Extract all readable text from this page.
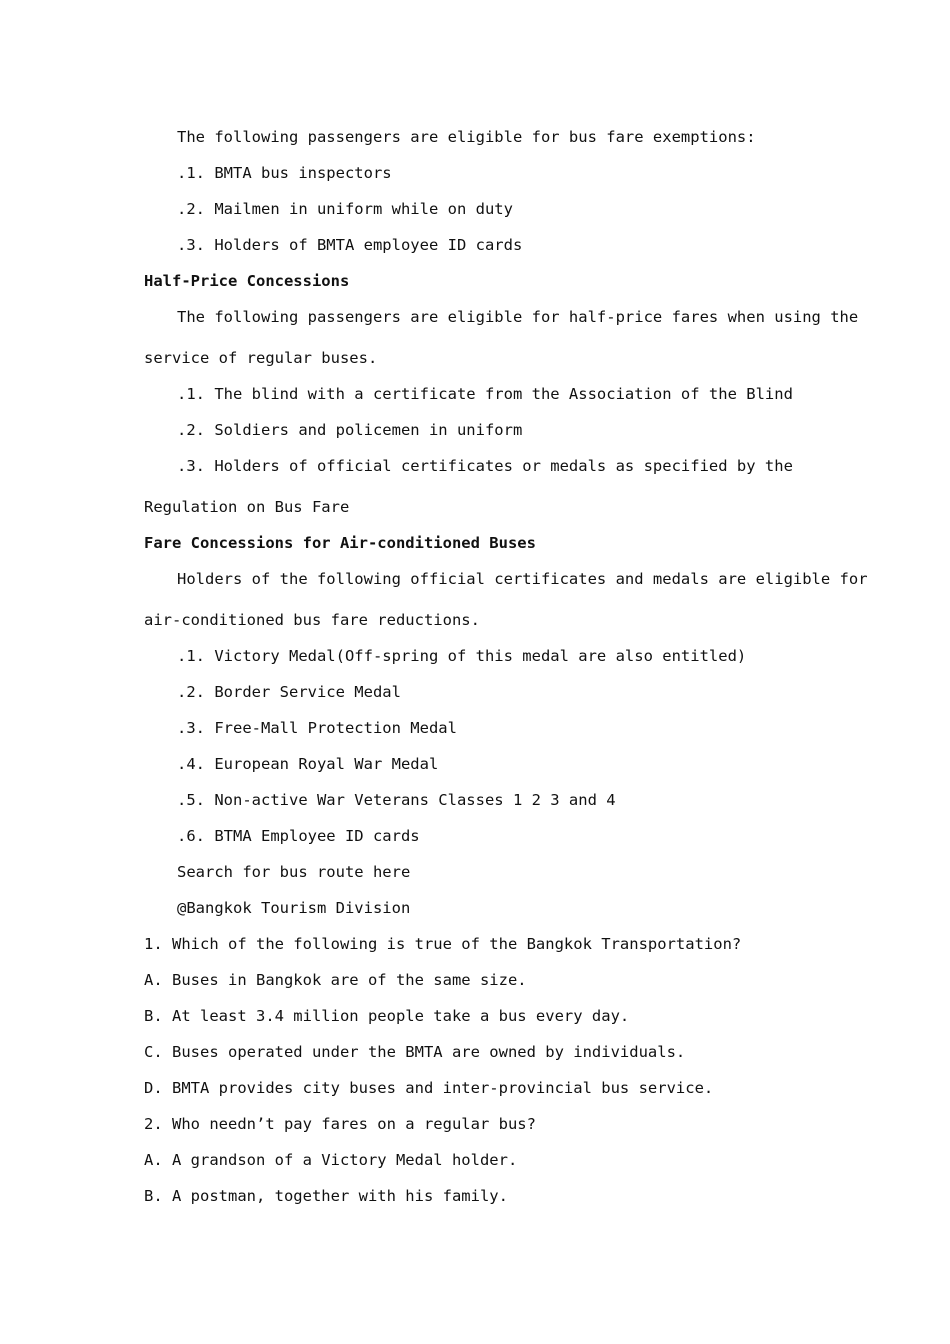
The following passengers are eligible for bus fare exemptions:
.1. BMTA bus inspectors
.2. Mailmen in uniform while on duty
.3. Holders of BMTA employee ID cards
Half-Price Concessions
The following passengers are eligible for half-price fares when using the
service of regular buses.
.1. The blind with a certificate from the Association of the Blind
.2. Soldiers and policemen in uniform
.3. Holders of official certificates or medals as specified by the
Regulation on Bus Fare
Fare Concessions for Air-conditioned Buses
Holders of the following official certificates and medals are eligible for
air-conditioned bus fare reductions.
.1. Victory Medal(Off-spring of this medal are also entitled)
.2. Border Service Medal
.3. Free-Mall Protection Medal
.4. European Royal War Medal
.5. Non-active War Veterans Classes 1 2 3 and 4
.6. BTMA Employee ID cards
Search for bus route here
@Bangkok Tourism Division
1. Which of the following is true of the Bangkok Transportation?
A. Buses in Bangkok are of the same size.
B. At least 3.4 million people take a bus every day.
C. Buses operated under the BMTA are owned by individuals.
D. BMTA provides city buses and inter-provincial bus service.
2. Who needn’t pay fares on a regular bus?
A. A grandson of a Victory Medal holder.
B. A postman, together with his family.
